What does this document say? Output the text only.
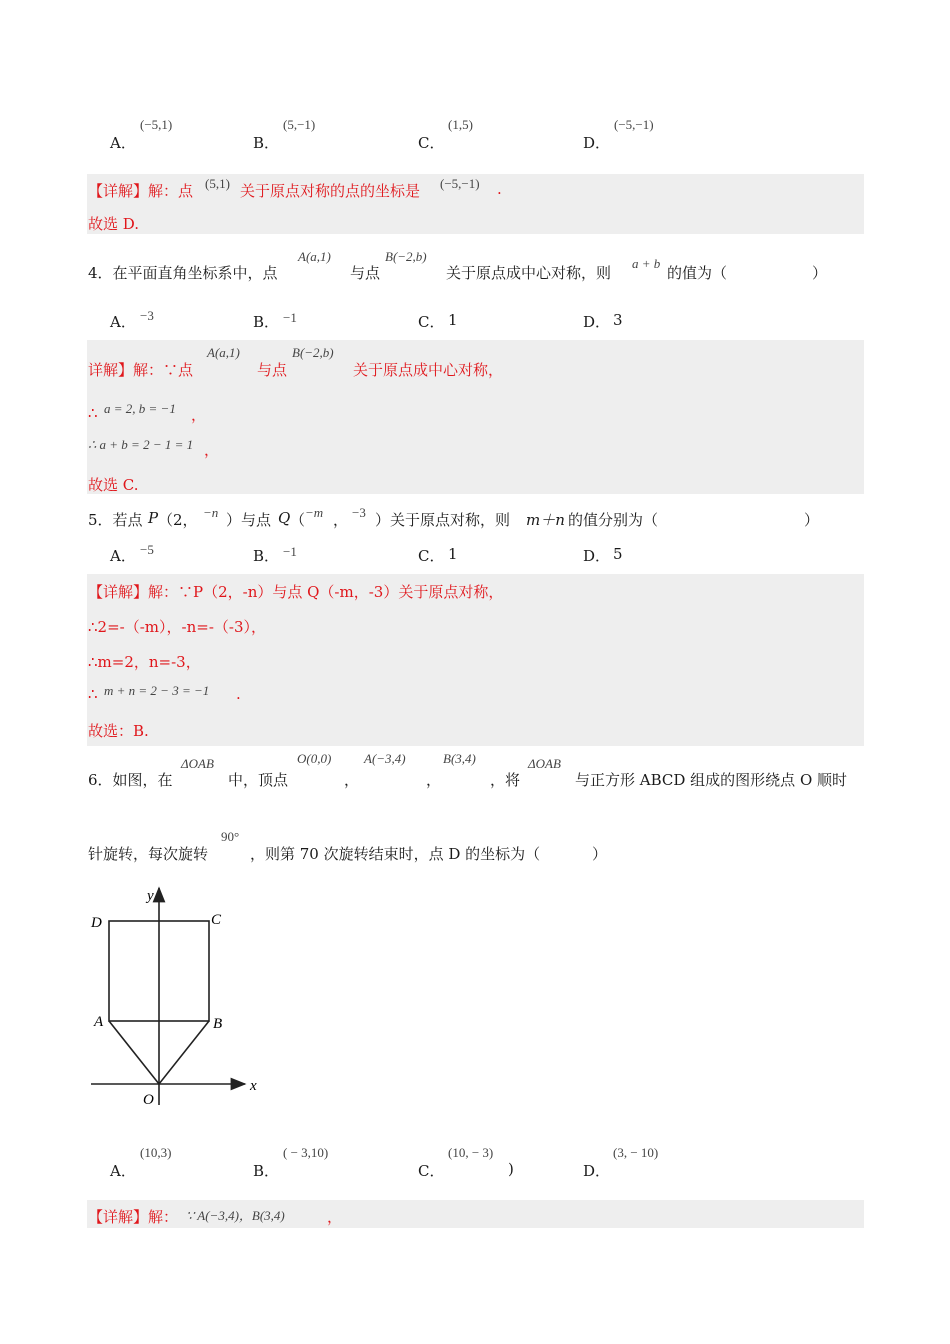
A．
(−5,1)
B．
(5,−1)
C．
(1,5)
D．
(−5,−1)
【详解】解：点 (5,1) 关于原点对称的点的坐标是 (−5,−1) .
故选 D.
4．在平面直角坐标系中，点
A(a,1)
与点
B(−2,b)
关于原点成中心对称，则
a + b
的值为（	）
A． −3	B． −1	C． 1	D． 3
详解】解：∵点
A(a,1)
与点
B(−2,b)
关于原点成中心对称，
∴ a = 2, b = −1 ，
∴ a + b = 2 − 1 = 1 ，
故选 C.
5．若点 P （2， −n ）与点 Q （ −m ， −3 ）关于原点对称，则 m＋n 的值分别为（	）
A． −5	B． −1	C． 1	D． 5
【详解】解：∵P（2，-n）与点 Q（-m，-3）关于原点对称，
∴2=-（-m），-n=-（-3），
∴m=2，n=-3，
∴ m + n = 2 − 3 = −1 .
故选：B.
6．如图，在
ΔOAB
中，顶点
O(0,0)
，
A(−3,4)
，
B(3,4)
，将
ΔOAB
与正方形 ABCD 组成的图形绕点 O 顺时
针旋转，每次旋转
90°
，则第 70 次旋转结束时，点 D 的坐标为（	）
y
x
D	C
A	B
O
A．
(10,3)
B．
( − 3,10)
C．
(10, − 3)
)	D．
(3, − 10)
【详解】解： ∵ A(−3,4)，B(3,4)	，
